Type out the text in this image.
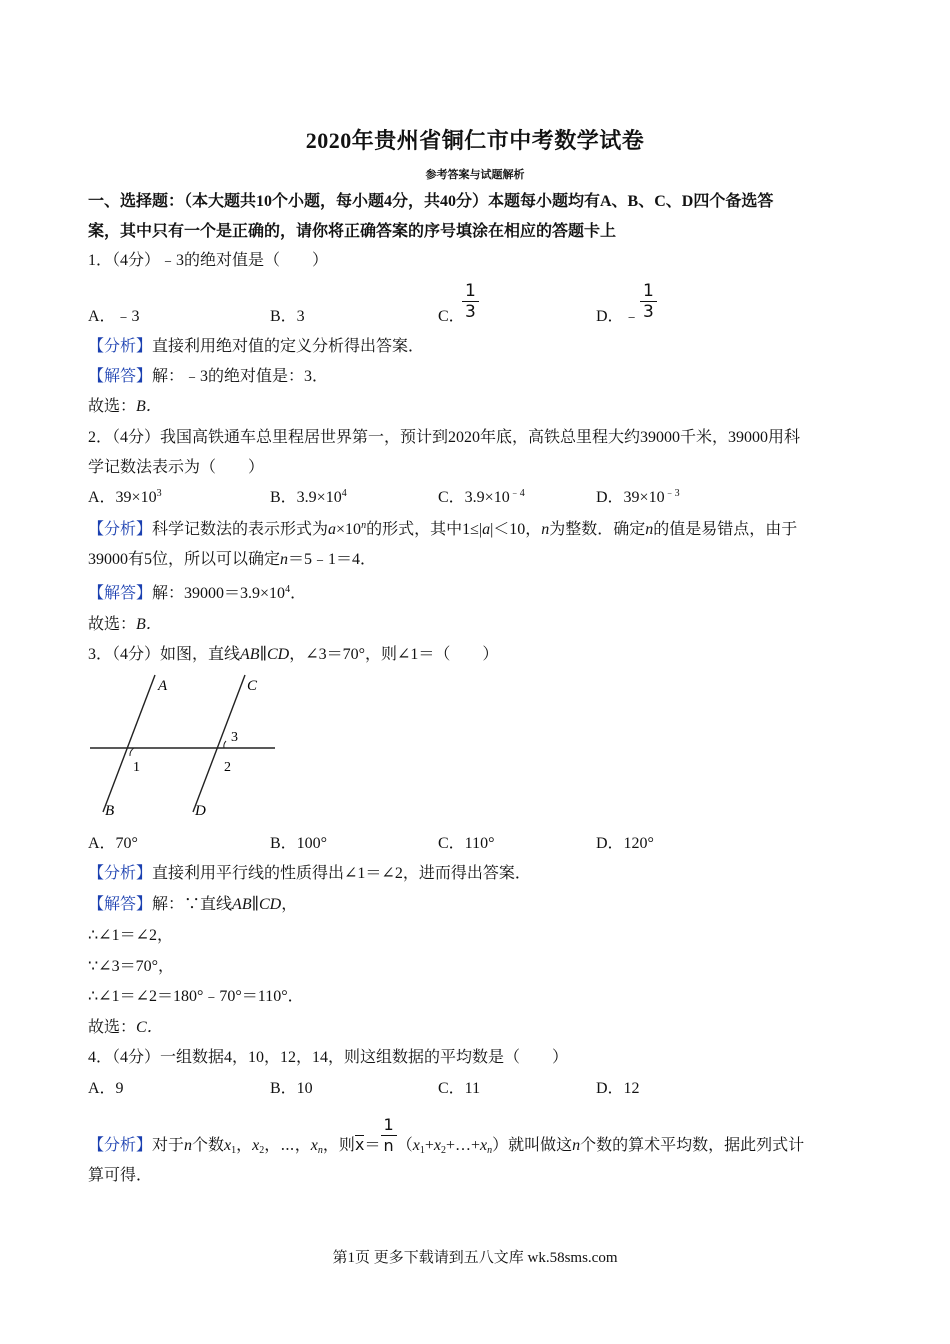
2020年贵州省铜仁市中考数学试卷
参考答案与试题解析
一、选择题：（本大题共10个小题，每小题4分，共40分）本题每小题均有A、B、C、D四个备选答
案，其中只有一个是正确的，请你将正确答案的序号填涂在相应的答题卡上
1．（4分）﹣3的绝对值是（　　）
A．﹣3	B．3	C．
$\frac{1}{3}$	D．﹣ $\frac{1}{3}$
【分析】直接利用绝对值的定义分析得出答案．
【解答】解：﹣3的绝对值是：3．
故选：B．
2．（4分）我国高铁通车总里程居世界第一，预计到2020年底，高铁总里程大约39000千米，39000用科
学记数法表示为（　　）
A．$39\times 10^3$	B．$3.9\times 10^4$	C．$3.9\times 10^{﹣4}$	D．$39\times 10^{﹣3}$
【分析】科学记数法的表示形式为$a\times 10^n$的形式，其中1≤|a|＜10，n为整数．确定n的值是易错点，由于
39000有5位，所以可以确定n＝5﹣1＝4．
【解答】解：$39000=3.9\times 10^4$．
故选：B．
3．（4分）如图，直线AB∥CD，∠3＝70°，则∠1＝（　　）
A
B
C
D
1	2
3
A．70°	B．100°	C．110°	D．120°
【分析】直接利用平行线的性质得出∠1＝∠2，进而得出答案．
【解答】解：∵直线AB∥CD，
∴∠1＝∠2，
∵∠3＝70°，
∴∠1＝∠2＝180°﹣70°＝110°．
故选：C．
4．（4分）一组数据4，10，12，14，则这组数据的平均数是（　　）
A．9	B．10	C．11	D．12
【分析】对于n个数$x_1$，$x_2$，⋯，$x_n$，则$x= \frac{1}{n}$ $(x_1+x_2+\dots+x_n)$就叫做这n个数的算术平均数，据此列式计
算可得．
第1页 更多下载请到五八文库 wk.58sms.com
